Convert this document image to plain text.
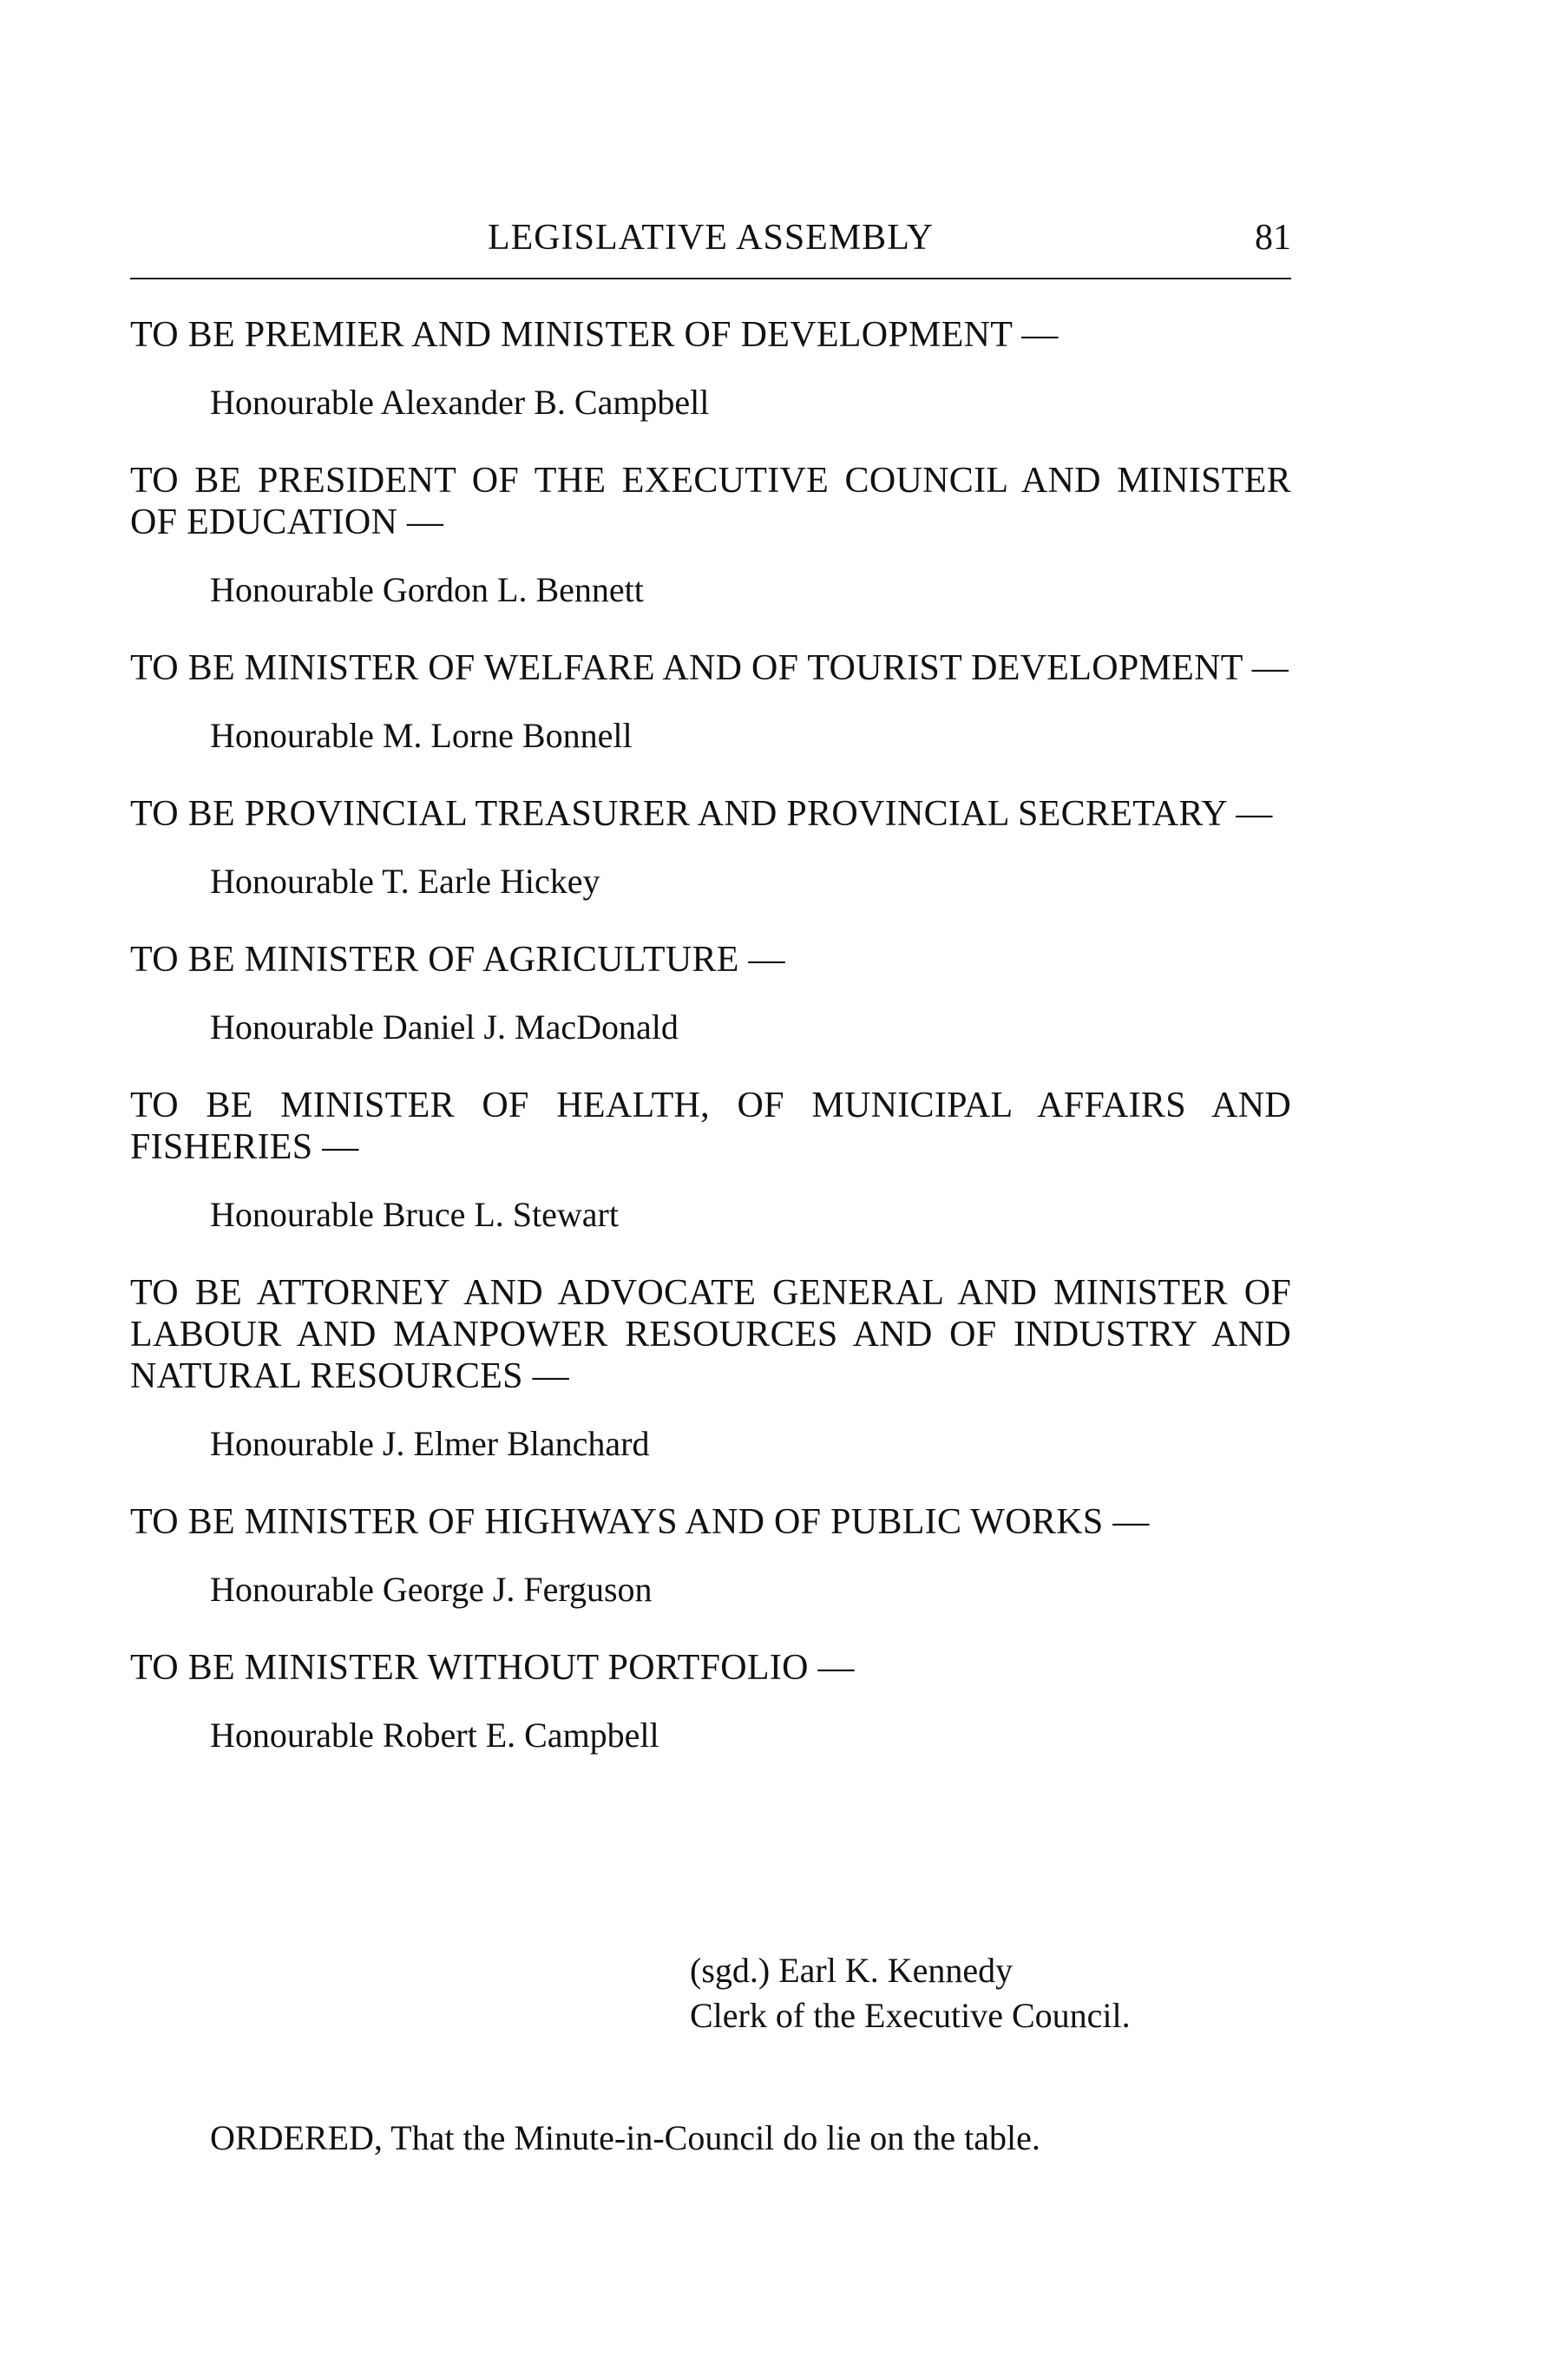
LEGISLATIVE ASSEMBLY	81
TO BE PREMIER AND MINISTER OF DEVELOPMENT —
Honourable Alexander B. Campbell
TO BE PRESIDENT OF THE EXECUTIVE COUNCIL AND MINISTER OF EDUCATION —
Honourable Gordon L. Bennett
TO BE MINISTER OF WELFARE AND OF TOURIST DEVELOPMENT —
Honourable M. Lorne Bonnell
TO BE PROVINCIAL TREASURER AND PROVINCIAL SECRETARY —
Honourable T. Earle Hickey
TO BE MINISTER OF AGRICULTURE —
Honourable Daniel J. MacDonald
TO BE MINISTER OF HEALTH, OF MUNICIPAL AFFAIRS AND FISHERIES —
Honourable Bruce L. Stewart
TO BE ATTORNEY AND ADVOCATE GENERAL AND MINISTER OF LABOUR AND MANPOWER RESOURCES AND OF INDUSTRY AND NATURAL RESOURCES —
Honourable J. Elmer Blanchard
TO BE MINISTER OF HIGHWAYS AND OF PUBLIC WORKS —
Honourable George J. Ferguson
TO BE MINISTER WITHOUT PORTFOLIO —
Honourable Robert E. Campbell
(sgd.) Earl K. Kennedy
Clerk of the Executive Council.
ORDERED, That the Minute-in-Council do lie on the table.
